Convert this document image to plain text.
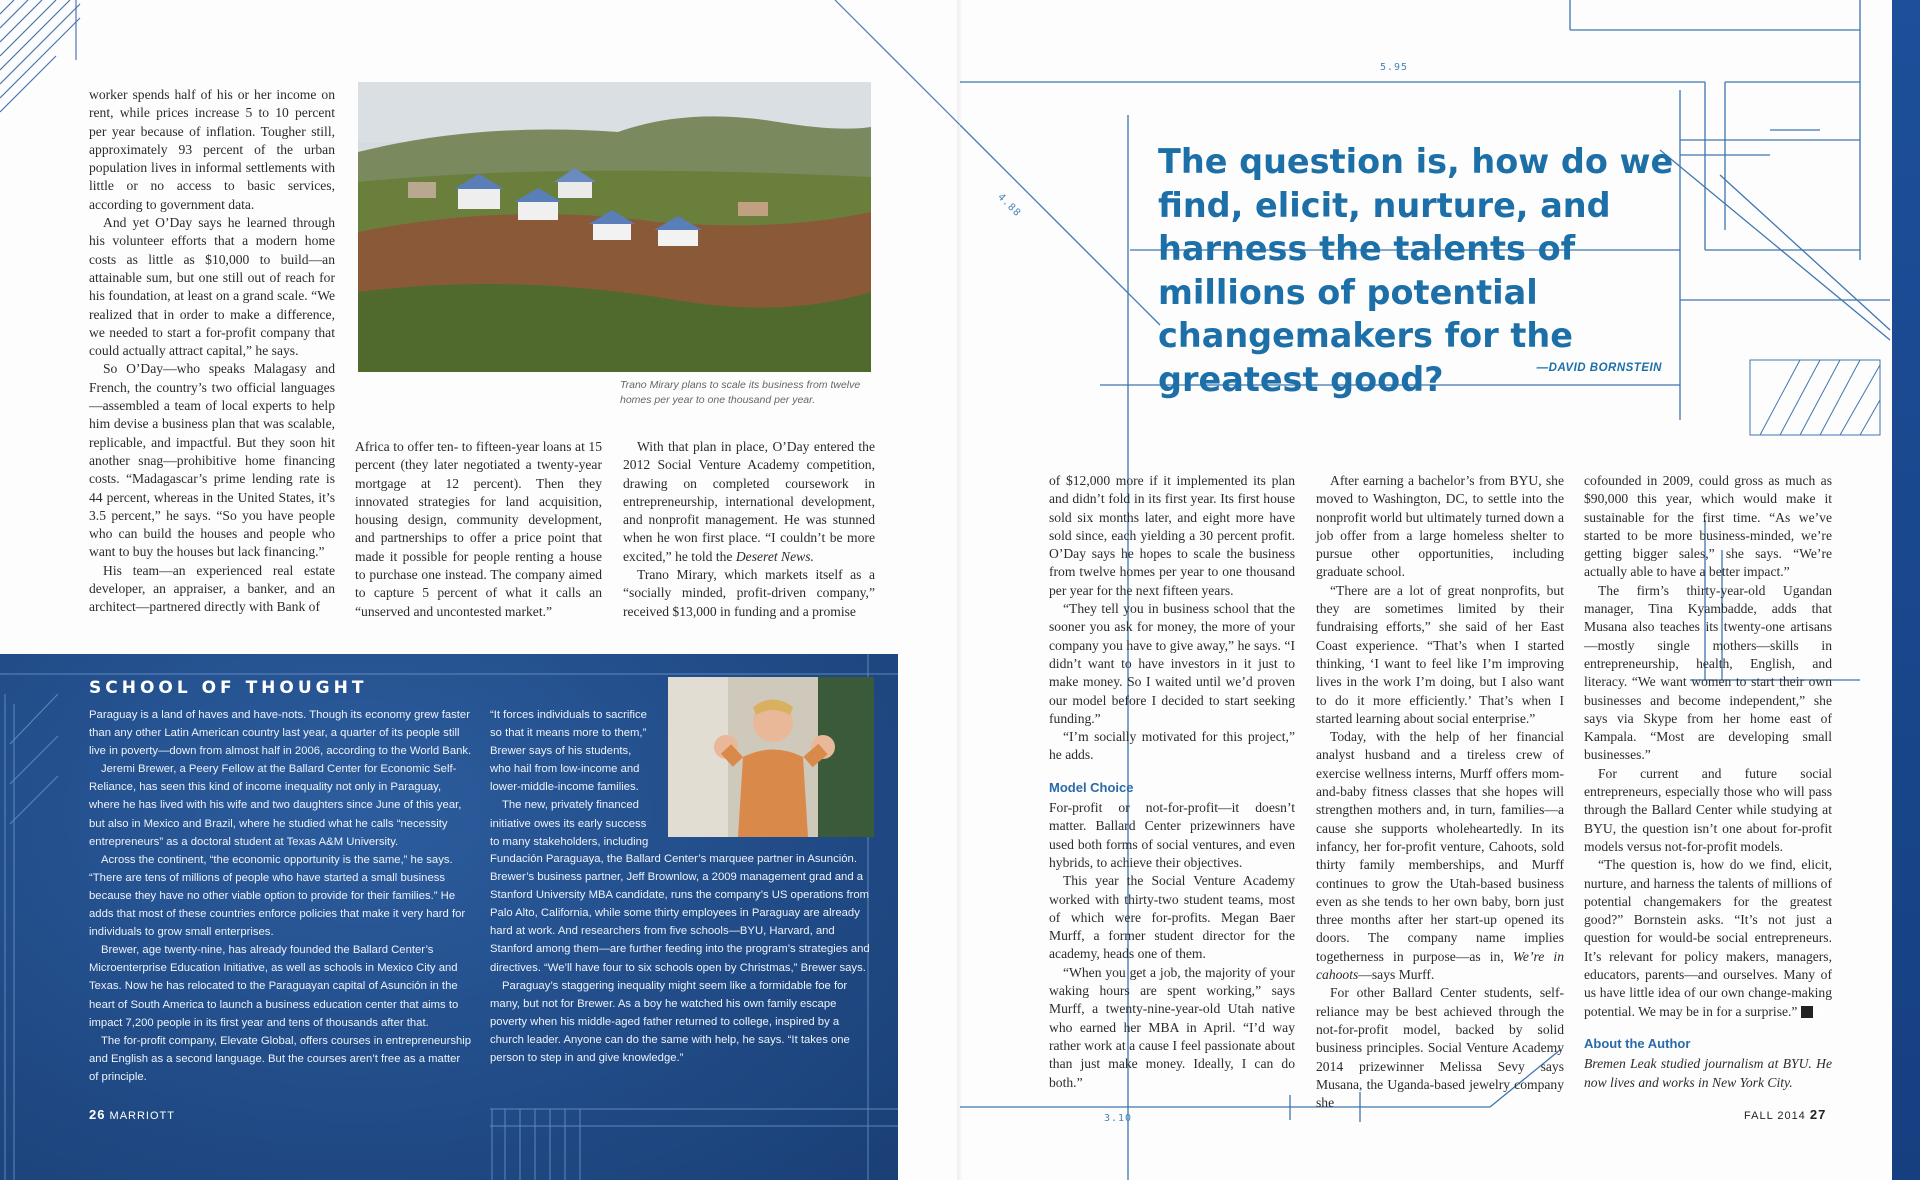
worker spends half of his or her income on rent, while prices increase 5 to 10 percent per year because of inflation. Tougher still, approximately 93 percent of the urban population lives in informal settlements with little or no access to basic services, according to government data.

And yet O’Day says he learned through his volunteer efforts that a modern home costs as little as $10,000 to build—an attainable sum, but one still out of reach for his foundation, at least on a grand scale. “We realized that in order to make a difference, we needed to start a for-profit company that could actually attract capital,” he says.

So O’Day—who speaks Malagasy and French, the country’s two official languages—assembled a team of local experts to help him devise a business plan that was scalable, replicable, and impactful. But they soon hit another snag—prohibitive home financing costs. “Madagascar’s prime lending rate is 44 percent, whereas in the United States, it’s 3.5 percent,” he says. “So you have people who can build the houses and people who want to buy the houses but lack financing.”

His team—an experienced real estate developer, an appraiser, a banker, and an architect—partnered directly with Bank of

Trano Mirary plans to scale its business from twelve homes per year to one thousand per year.

Africa to offer ten- to fifteen-year loans at 15 percent (they later negotiated a twenty-year mortgage at 12 percent). Then they innovated strategies for land acquisition, housing design, community development, and partnerships to offer a price point that made it possible for people renting a house to purchase one instead. The company aimed to capture 5 percent of what it calls an “unserved and uncontested market.”

With that plan in place, O’Day entered the 2012 Social Venture Academy competition, drawing on completed coursework in entrepreneurship, international development, and nonprofit management. He was stunned when he won first place. “I couldn’t be more excited,” he told the Deseret News.

Trano Mirary, which markets itself as a “socially minded, profit-driven company,” received $13,000 in funding and a promise

SCHOOL OF THOUGHT

Paraguay is a land of haves and have-nots. Though its economy grew faster than any other Latin American country last year, a quarter of its people still live in poverty—down from almost half in 2006, according to the World Bank.

Jeremi Brewer, a Peery Fellow at the Ballard Center for Economic Self-Reliance, has seen this kind of income inequality not only in Paraguay, where he has lived with his wife and two daughters since June of this year, but also in Mexico and Brazil, where he studied what he calls “necessity entrepreneurs” as a doctoral student at Texas A&M University.

Across the continent, “the economic opportunity is the same,” he says. “There are tens of millions of people who have started a small business because they have no other viable option to provide for their families.” He adds that most of these countries enforce policies that make it very hard for individuals to grow small enterprises.

Brewer, age twenty-nine, has already founded the Ballard Center’s Microenterprise Education Initiative, as well as schools in Mexico City and Texas. Now he has relocated to the Paraguayan capital of Asunción in the heart of South America to launch a business education center that aims to impact 7,200 people in its first year and tens of thousands after that.

The for-profit company, Elevate Global, offers courses in entrepreneurship and English as a second language. But the courses aren’t free as a matter of principle.

“It forces individuals to sacrifice so that it means more to them,” Brewer says of his students, who hail from low-income and lower-middle-income families.

The new, privately financed initiative owes its early success to many stakeholders, including

Fundación Paraguaya, the Ballard Center’s marquee partner in Asunción. Brewer’s business partner, Jeff Brownlow, a 2009 management grad and a Stanford University MBA candidate, runs the company’s US operations from Palo Alto, California, while some thirty employees in Paraguay are already hard at work. And researchers from five schools—BYU, Harvard, and Stanford among them—are further feeding into the program’s strategies and directives. “We’ll have four to six schools open by Christmas,” Brewer says.

Paraguay’s staggering inequality might seem like a formidable foe for many, but not for Brewer. As a boy he watched his own family escape poverty when his middle-aged father returned to college, inspired by a church leader. Anyone can do the same with help, he says. “It takes one person to step in and give knowledge.”

26 MARRIOTT
5.95
4.88
3.10
The question is, how do we find, elicit, nurture, and harness the talents of millions of potential changemakers for the greatest good?	—DAVID BORNSTEIN

of $12,000 more if it implemented its plan and didn’t fold in its first year. Its first house sold six months later, and eight more have sold since, each yielding a 30 percent profit. O’Day says he hopes to scale the business from twelve homes per year to one thousand per year for the next fifteen years.

“They tell you in business school that the sooner you ask for money, the more of your company you have to give away,” he says. “I didn’t want to have investors in it just to make money. So I waited until we’d proven our model before I decided to start seeking funding.”

“I’m socially motivated for this project,” he adds.

Model Choice

For-profit or not-for-profit—it doesn’t matter. Ballard Center prizewinners have used both forms of social ventures, and even hybrids, to achieve their objectives.

This year the Social Venture Academy worked with thirty-two student teams, most of which were for-profits. Megan Baer Murff, a former student director for the academy, heads one of them.

“When you get a job, the majority of your waking hours are spent working,” says Murff, a twenty-nine-year-old Utah native who earned her MBA in April. “I’d way rather work at a cause I feel passionate about than just make money. Ideally, I can do both.”

After earning a bachelor’s from BYU, she moved to Washington, DC, to settle into the nonprofit world but ultimately turned down a job offer from a large homeless shelter to pursue other opportunities, including graduate school.

“There are a lot of great nonprofits, but they are sometimes limited by their fundraising efforts,” she said of her East Coast experience. “That’s when I started thinking, ‘I want to feel like I’m improving lives in the work I’m doing, but I also want to do it more efficiently.’ That’s when I started learning about social enterprise.”

Today, with the help of her financial analyst husband and a tireless crew of exercise wellness interns, Murff offers mom-and-baby fitness classes that she hopes will strengthen mothers and, in turn, families—a cause she supports wholeheartedly. In its infancy, her for-profit venture, Cahoots, sold thirty family memberships, and Murff continues to grow the Utah-based business even as she tends to her own baby, born just three months after her start-up opened its doors. The company name implies togetherness in purpose—as in, We’re in cahoots—says Murff.

For other Ballard Center students, self-reliance may be best achieved through the not-for-profit model, backed by solid business principles. Social Venture Academy 2014 prizewinner Melissa Sevy says Musana, the Uganda-based jewelry company she

cofounded in 2009, could gross as much as $90,000 this year, which would make it sustainable for the first time. “As we’ve started to be more business-minded, we’re getting bigger sales,” she says. “We’re actually able to have a better impact.”

The firm’s thirty-year-old Ugandan manager, Tina Kyambadde, adds that Musana also teaches its twenty-one artisans—mostly single mothers—skills in entrepreneurship, health, English, and literacy. “We want women to start their own businesses and become independent,” she says via Skype from her home east of Kampala. “Most are developing small businesses.”

For current and future social entrepreneurs, especially those who will pass through the Ballard Center while studying at BYU, the question isn’t one about for-profit models versus not-for-profit models.

“The question is, how do we find, elicit, nurture, and harness the talents of millions of potential changemakers for the greatest good?” Bornstein asks. “It’s not just a question for would-be social entrepreneurs. It’s relevant for policy makers, managers, educators, parents—and ourselves. Many of us have little idea of our own change-making potential. We may be in for a surprise.” M

About the Author

Bremen Leak studied journalism at BYU. He now lives and works in New York City.

FALL 2014 27
